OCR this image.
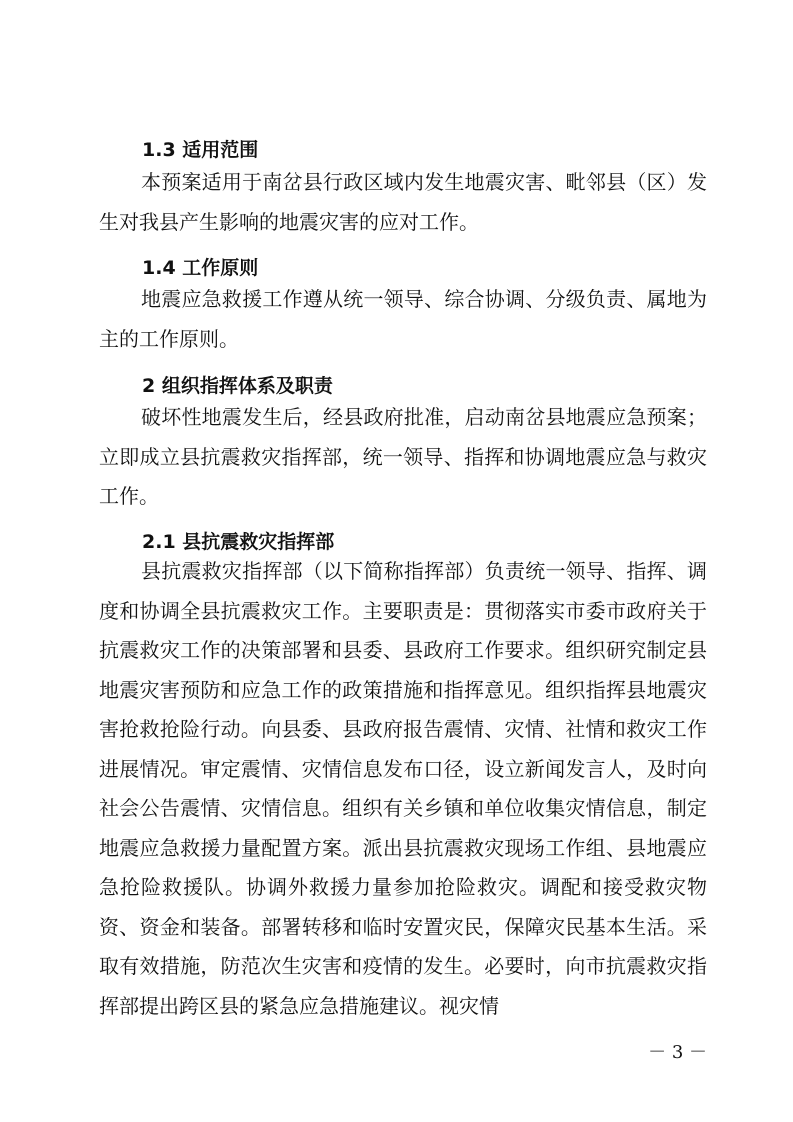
1.3 适用范围

本预案适用于南岔县行政区域内发生地震灾害、毗邻县（区）发生对我县产生影响的地震灾害的应对工作。

1.4 工作原则

地震应急救援工作遵从统一领导、综合协调、分级负责、属地为主的工作原则。

2 组织指挥体系及职责

破坏性地震发生后，经县政府批准，启动南岔县地震应急预案；立即成立县抗震救灾指挥部，统一领导、指挥和协调地震应急与救灾工作。

2.1 县抗震救灾指挥部

县抗震救灾指挥部（以下简称指挥部）负责统一领导、指挥、调度和协调全县抗震救灾工作。主要职责是：贯彻落实市委市政府关于抗震救灾工作的决策部署和县委、县政府工作要求。组织研究制定县地震灾害预防和应急工作的政策措施和指挥意见。组织指挥县地震灾害抢救抢险行动。向县委、县政府报告震情、灾情、社情和救灾工作进展情况。审定震情、灾情信息发布口径，设立新闻发言人，及时向社会公告震情、灾情信息。组织有关乡镇和单位收集灾情信息，制定地震应急救援力量配置方案。派出县抗震救灾现场工作组、县地震应急抢险救援队。协调外救援力量参加抢险救灾。调配和接受救灾物资、资金和装备。部署转移和临时安置灾民，保障灾民基本生活。采取有效措施，防范次生灾害和疫情的发生。必要时，向市抗震救灾指挥部提出跨区县的紧急应急措施建议。视灾情

－ 3 －
